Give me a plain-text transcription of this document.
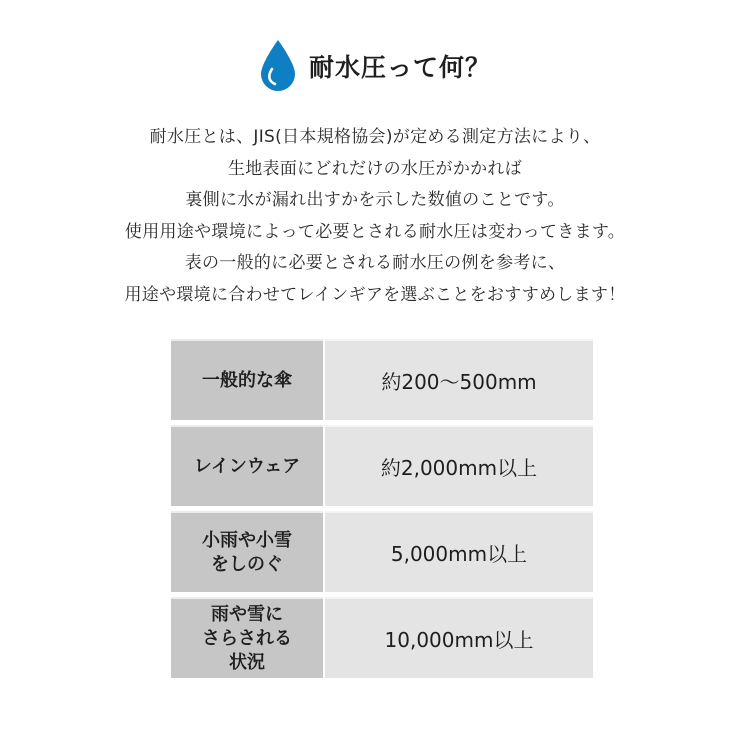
耐水圧って何？
耐水圧とは、JIS(日本規格協会)が定める測定方法により、
生地表面にどれだけの水圧がかかれば
裏側に水が漏れ出すかを示した数値のことです。
使用用途や環境によって必要とされる耐水圧は変わってきます。
表の一般的に必要とされる耐水圧の例を参考に、
用途や環境に合わせてレインギアを選ぶことをおすすめします！
一般的な傘	約200〜500mm
レインウェア	約2,000mm以上
小雨や小雪
をしのぐ	5,000mm以上
雨や雪に
さらされる
状況
10,000mm以上
